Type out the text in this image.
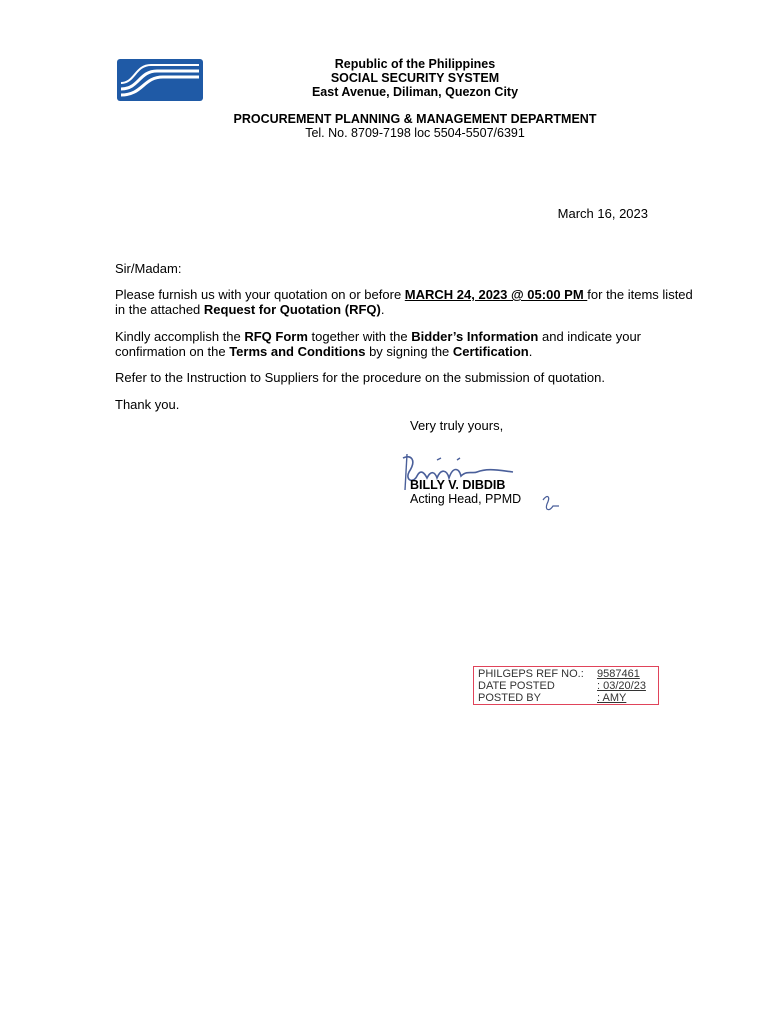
Republic of the Philippines
SOCIAL SECURITY SYSTEM
East Avenue, Diliman, Quezon City
PROCUREMENT PLANNING & MANAGEMENT DEPARTMENT
Tel. No. 8709-7198 loc 5504-5507/6391
March 16, 2023
Sir/Madam:
Please furnish us with your quotation on or before MARCH 24, 2023 @ 05:00 PM for the items listed in the attached Request for Quotation (RFQ).
Kindly accomplish the RFQ Form together with the Bidder’s Information and indicate your confirmation on the Terms and Conditions by signing the Certification.
Refer to the Instruction to Suppliers for the procedure on the submission of quotation.
Thank you.
Very truly yours,
BILLY V. DIBDIB
Acting Head, PPMD
PHILGEPS REF NO.:	9587461
DATE POSTED	: 03/20/23
POSTED BY	: AMY
